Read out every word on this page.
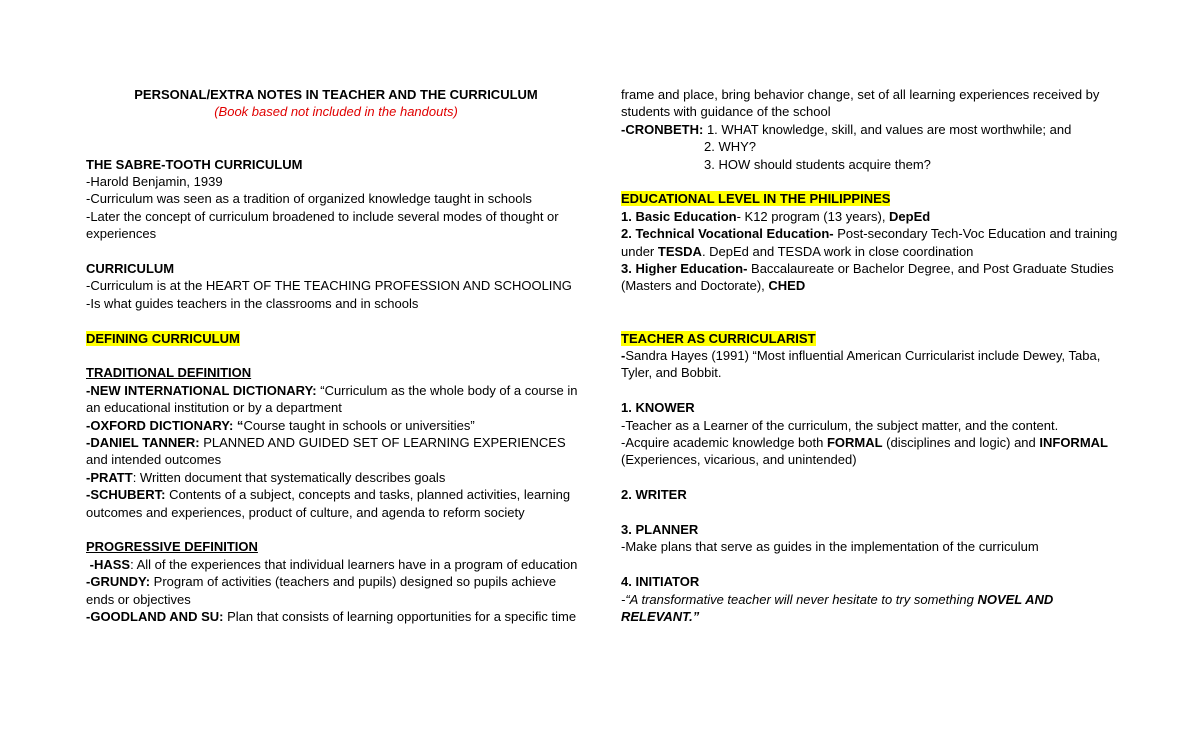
PERSONAL/EXTRA NOTES IN TEACHER AND THE CURRICULUM

(Book based not included in the handouts)

THE SABRE-TOOTH CURRICULUM

-Harold Benjamin, 1939

-Curriculum was seen as a tradition of organized knowledge taught in schools

-Later the concept of curriculum broadened to include several modes of thought or experiences

CURRICULUM

-Curriculum is at the HEART OF THE TEACHING PROFESSION AND SCHOOLING

-Is what guides teachers in the classrooms and in schools

DEFINING CURRICULUM

TRADITIONAL DEFINITION

-NEW INTERNATIONAL DICTIONARY: “Curriculum as the whole body of a course in an educational institution or by a department

-OXFORD DICTIONARY: “Course taught in schools or universities”

-DANIEL TANNER: PLANNED AND GUIDED SET OF LEARNING EXPERIENCES and intended outcomes

-PRATT: Written document that systematically describes goals

-SCHUBERT: Contents of a subject, concepts and tasks, planned activities, learning outcomes and experiences, product of culture, and agenda to reform society

PROGRESSIVE DEFINITION

-HASS: All of the experiences that individual learners have in a program of education

-GRUNDY: Program of activities (teachers and pupils) designed so pupils achieve ends or objectives

-GOODLAND AND SU: Plan that consists of learning opportunities for a specific time

frame and place, bring behavior change, set of all learning experiences received by students with guidance of the school

-CRONBETH: 1. WHAT knowledge, skill, and values are most worthwhile; and

2. WHY?

3. HOW should students acquire them?

EDUCATIONAL LEVEL IN THE PHILIPPINES

1. Basic Education- K12 program (13 years), DepEd

2. Technical Vocational Education- Post-secondary Tech-Voc Education and training under TESDA. DepEd and TESDA work in close coordination

3. Higher Education- Baccalaureate or Bachelor Degree, and Post Graduate Studies (Masters and Doctorate), CHED

TEACHER AS CURRICULARIST

-Sandra Hayes (1991) “Most influential American Curricularist include Dewey, Taba, Tyler, and Bobbit.

1. KNOWER

-Teacher as a Learner of the curriculum, the subject matter, and the content.

-Acquire academic knowledge both FORMAL (disciplines and logic) and INFORMAL (Experiences, vicarious, and unintended)

2. WRITER

3. PLANNER

-Make plans that serve as guides in the implementation of the curriculum

4. INITIATOR

-“A transformative teacher will never hesitate to try something NOVEL AND RELEVANT.”
